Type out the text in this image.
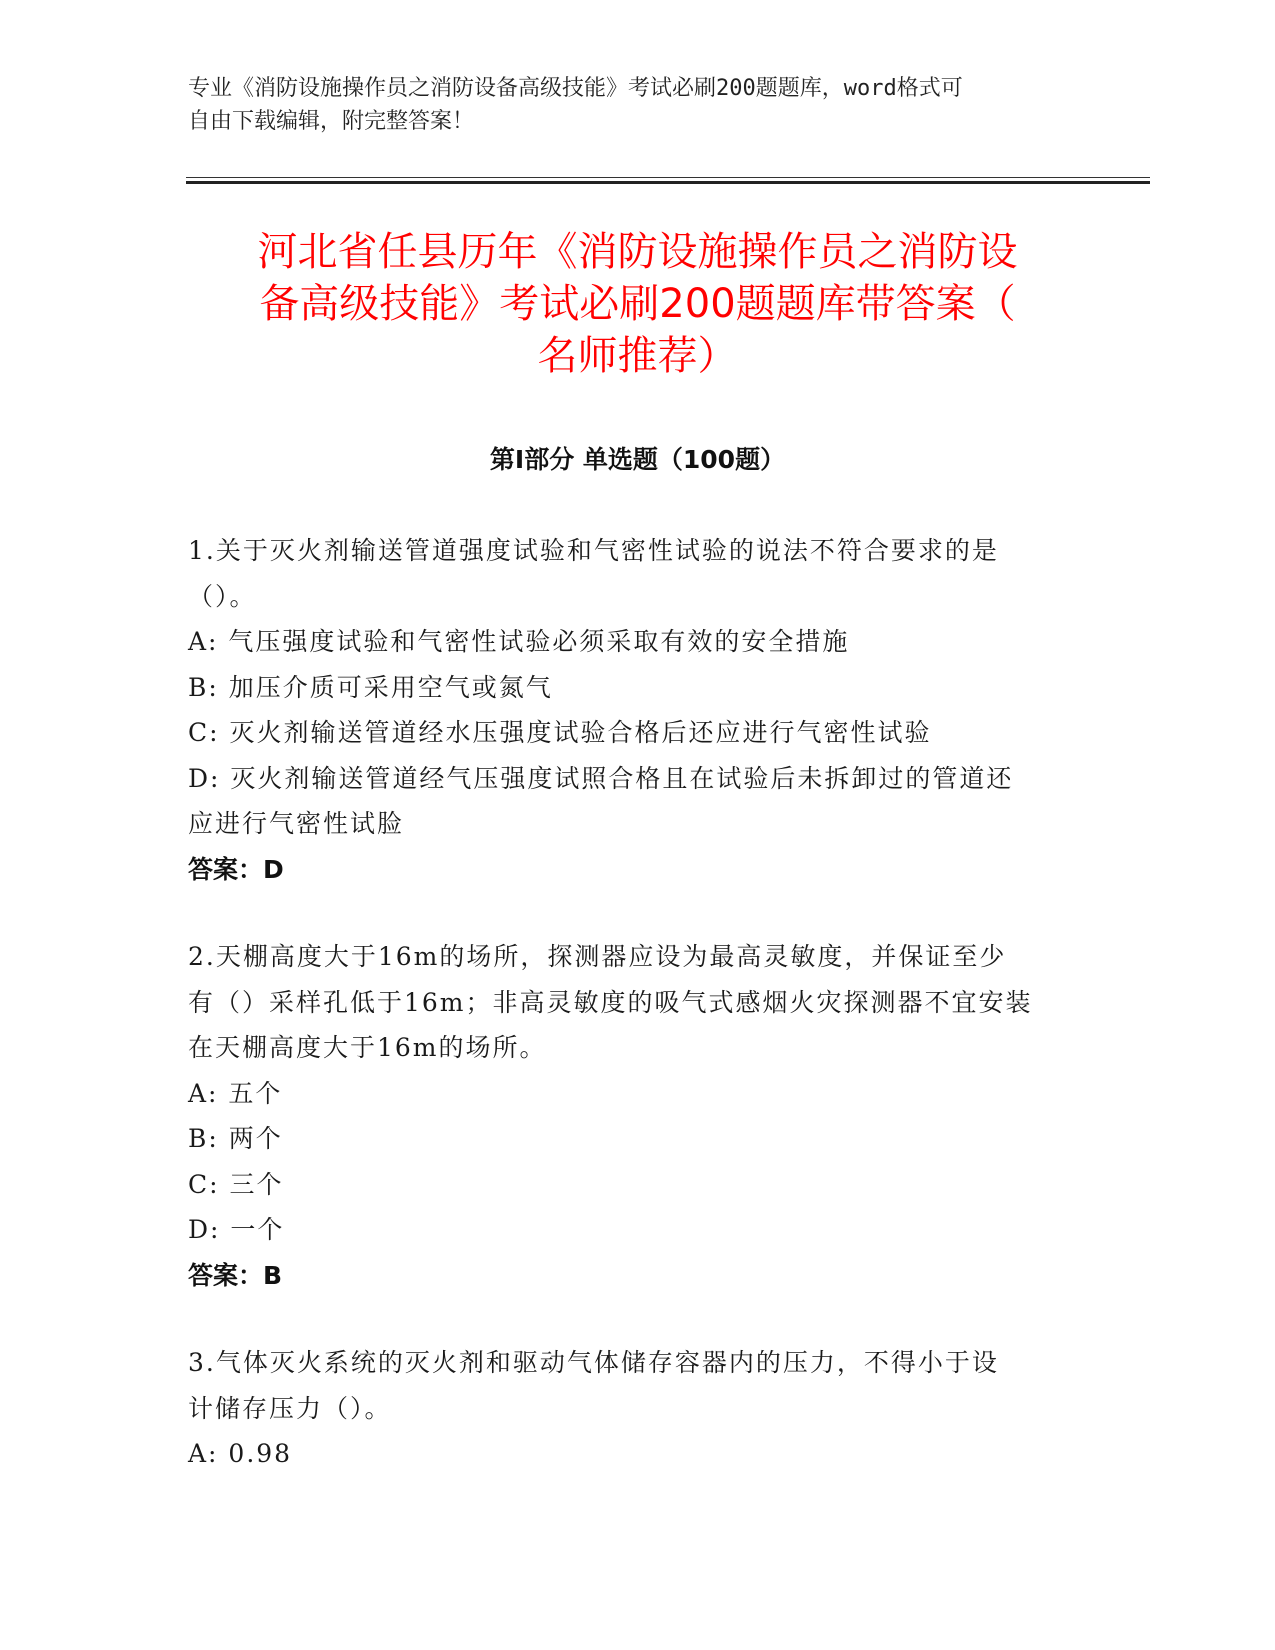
专业《消防设施操作员之消防设备高级技能》考试必刷200题题库，word格式可
自由下载编辑，附完整答案！
河北省任县历年《消防设施操作员之消防设
备高级技能》考试必刷200题题库带答案（
名师推荐）
第Ⅰ部分 单选题（100题）
1.关于灭火剂输送管道强度试验和气密性试验的说法不符合要求的是
（）。
A: 气压强度试验和气密性试验必须采取有效的安全措施
B: 加压介质可采用空气或氮气
C: 灭火剂输送管道经水压强度试验合格后还应进行气密性试验
D: 灭火剂输送管道经气压强度试照合格且在试验后未拆卸过的管道还
应进行气密性试脸
答案：D
2.天棚高度大于16m的场所，探测器应设为最高灵敏度，并保证至少
有（）采样孔低于16m；非高灵敏度的吸气式感烟火灾探测器不宜安装
在天棚高度大于16m的场所。
A: 五个
B: 两个
C: 三个
D: 一个
答案：B
3.气体灭火系统的灭火剂和驱动气体储存容器内的压力，不得小于设
计储存压力（）。
A: 0.98
